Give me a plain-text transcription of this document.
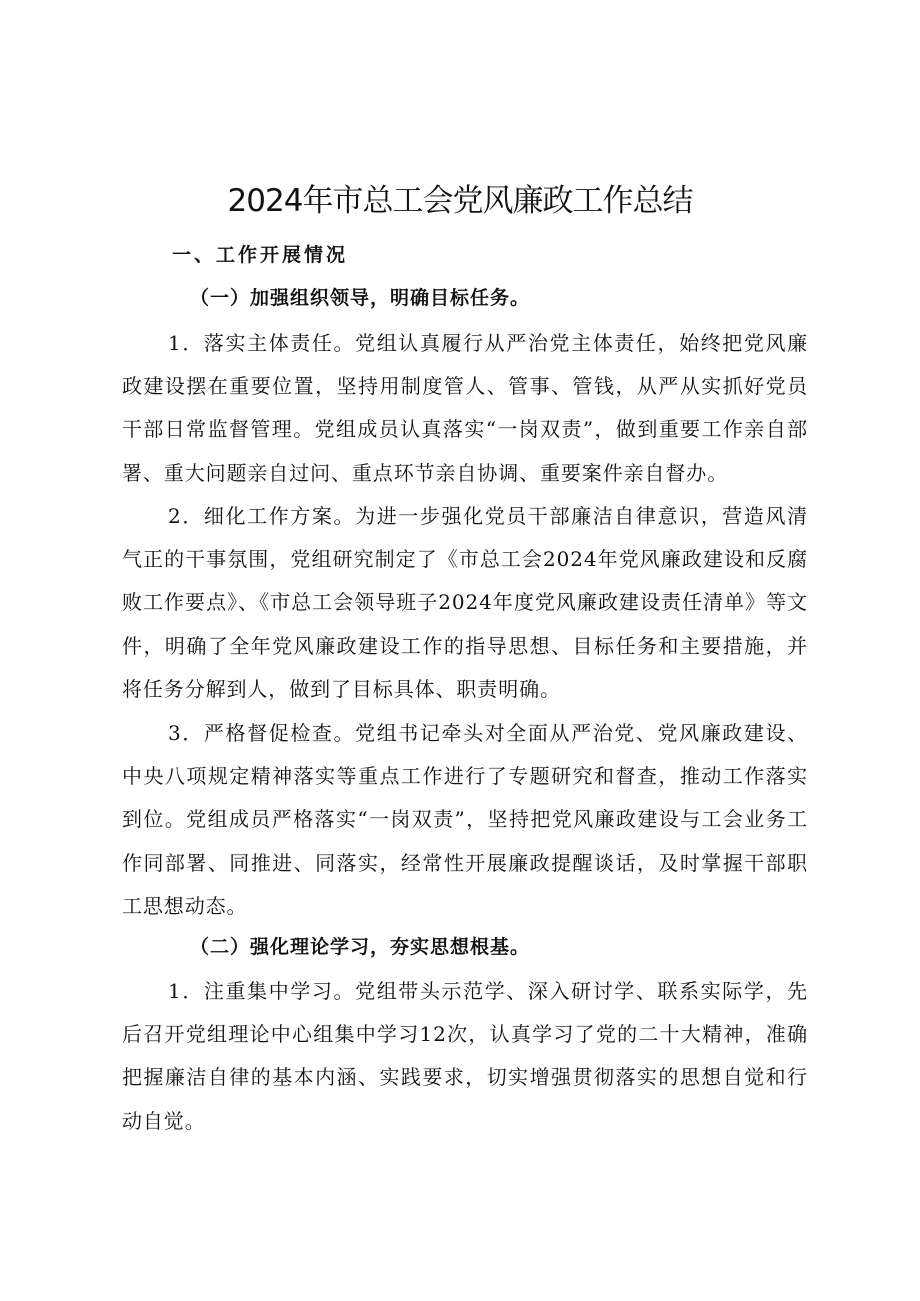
2024年市总工会党风廉政工作总结
一、工作开展情况
（一）加强组织领导，明确目标任务。

1．落实主体责任。党组认真履行从严治党主体责任，始终把党风廉政建设摆在重要位置，坚持用制度管人、管事、管钱，从严从实抓好党员干部日常监督管理。党组成员认真落实“一岗双责”，做到重要工作亲自部署、重大问题亲自过问、重点环节亲自协调、重要案件亲自督办。

2．细化工作方案。为进一步强化党员干部廉洁自律意识，营造风清气正的干事氛围，党组研究制定了《市总工会2024年党风廉政建设和反腐败工作要点》、《市总工会领导班子2024年度党风廉政建设责任清单》等文件，明确了全年党风廉政建设工作的指导思想、目标任务和主要措施，并将任务分解到人，做到了目标具体、职责明确。

3．严格督促检查。党组书记牵头对全面从严治党、党风廉政建设、中央八项规定精神落实等重点工作进行了专题研究和督查，推动工作落实到位。党组成员严格落实“一岗双责”，坚持把党风廉政建设与工会业务工作同部署、同推进、同落实，经常性开展廉政提醒谈话，及时掌握干部职工思想动态。

（二）强化理论学习，夯实思想根基。

1．注重集中学习。党组带头示范学、深入研讨学、联系实际学，先后召开党组理论中心组集中学习12次，认真学习了党的二十大精神，准确把握廉洁自律的基本内涵、实践要求，切实增强贯彻落实的思想自觉和行动自觉。
